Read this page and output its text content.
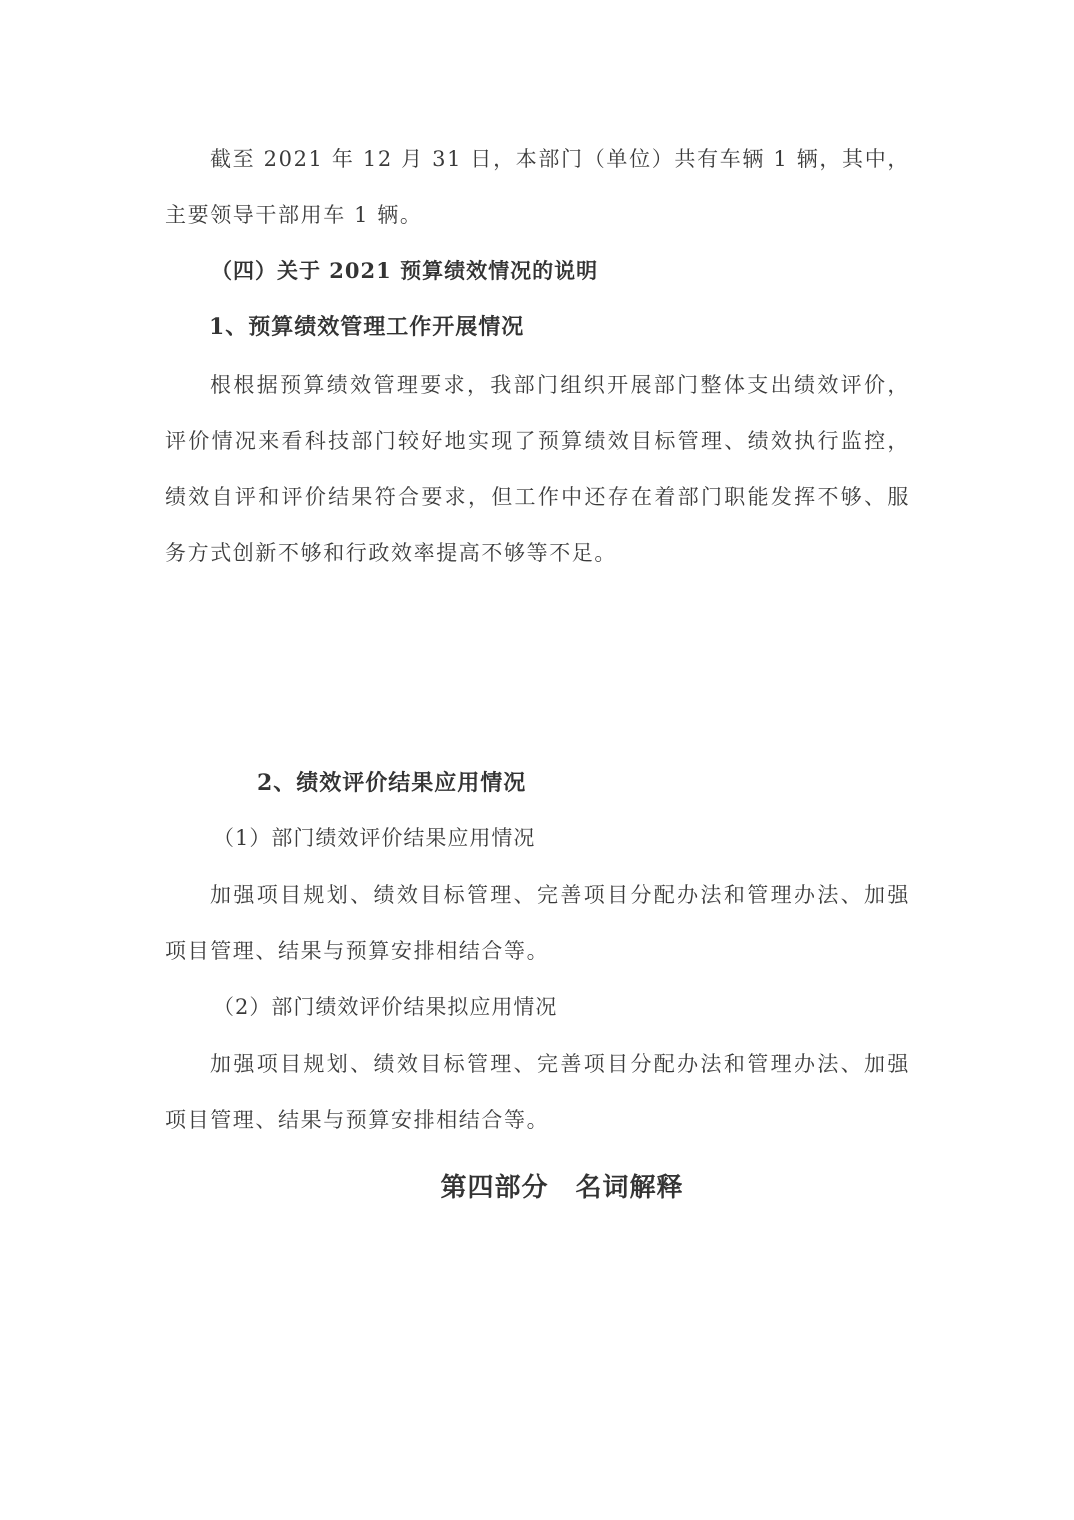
截至 2021 年 12 月 31 日，本部门（单位）共有车辆 1 辆，其中，主要领导干部用车 1 辆。

（四）关于 2021 预算绩效情况的说明

1、预算绩效管理工作开展情况

根根据预算绩效管理要求，我部门组织开展部门整体支出绩效评价，评价情况来看科技部门较好地实现了预算绩效目标管理、绩效执行监控，绩效自评和评价结果符合要求，但工作中还存在着部门职能发挥不够、服务方式创新不够和行政效率提高不够等不足。

2、绩效评价结果应用情况

（1）部门绩效评价结果应用情况

加强项目规划、绩效目标管理、完善项目分配办法和管理办法、加强项目管理、结果与预算安排相结合等。

（2）部门绩效评价结果拟应用情况

加强项目规划、绩效目标管理、完善项目分配办法和管理办法、加强项目管理、结果与预算安排相结合等。

第四部分　名词解释
